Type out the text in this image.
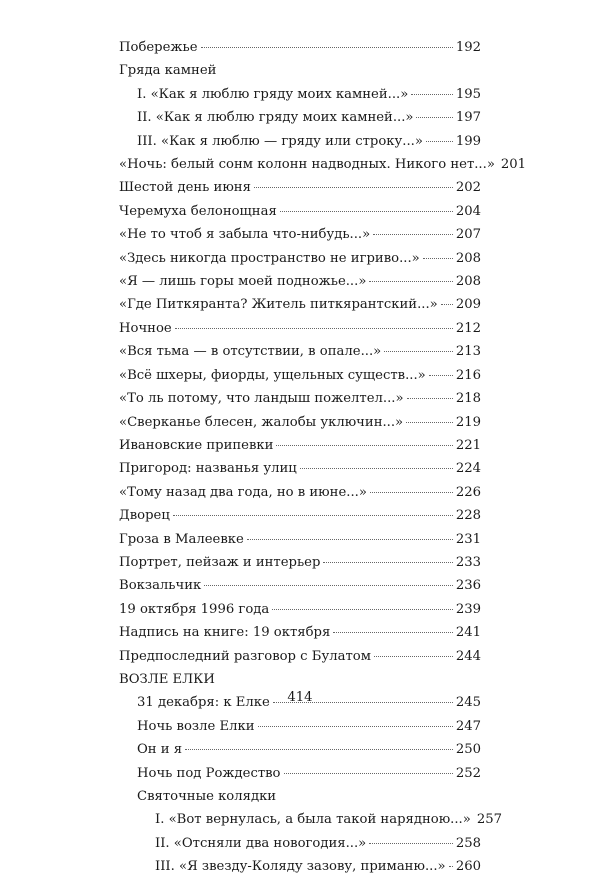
Побережье	192
Гряда камней
I. «Как я люблю гряду моих камней...»	195
II. «Как я люблю гряду моих камней...»	197
III. «Как я люблю — гряду или строку...» 199
«Ночь: белый сонм колонн надводных. Никого нет...» 201
Шестой день июня	202
Черемуха белонощная	204
«Не то чтоб я забыла что-нибудь...»	207
«Здесь никогда пространство не игриво...»	208
«Я — лишь горы моей подножье...»	208
«Где Питкяранта? Житель питкярантский...» 209
Ночное	212
«Вся тьма — в отсутствии, в опале...»	213
«Всё шхеры, фиорды, ущельных существ...» 216
«То ль потому, что ландыш пожелтел...»	218
«Сверканье блесен, жалобы уключин...»	219
Ивановские припевки	221
Пригород: названья улиц	224
«Тому назад два года, но в июне...»	226
Дворец	228
Гроза в Малеевке	231
Портрет, пейзаж и интерьер	233
Вокзальчик	236
19 октября 1996 года	239
Надпись на книге: 19 октября	241
Предпоследний разговор с Булатом	244
ВОЗЛЕ ЕЛКИ
31 декабря: к Елке	245
Ночь возле Елки	247
Он и я	250
Ночь под Рождество	252
Святочные колядки
I. «Вот вернулась, а была такой нарядною...» 257
II. «Отсняли два новогодия...»	258
III. «Я звезду-Коляду зазову, приманю...» 260
414
